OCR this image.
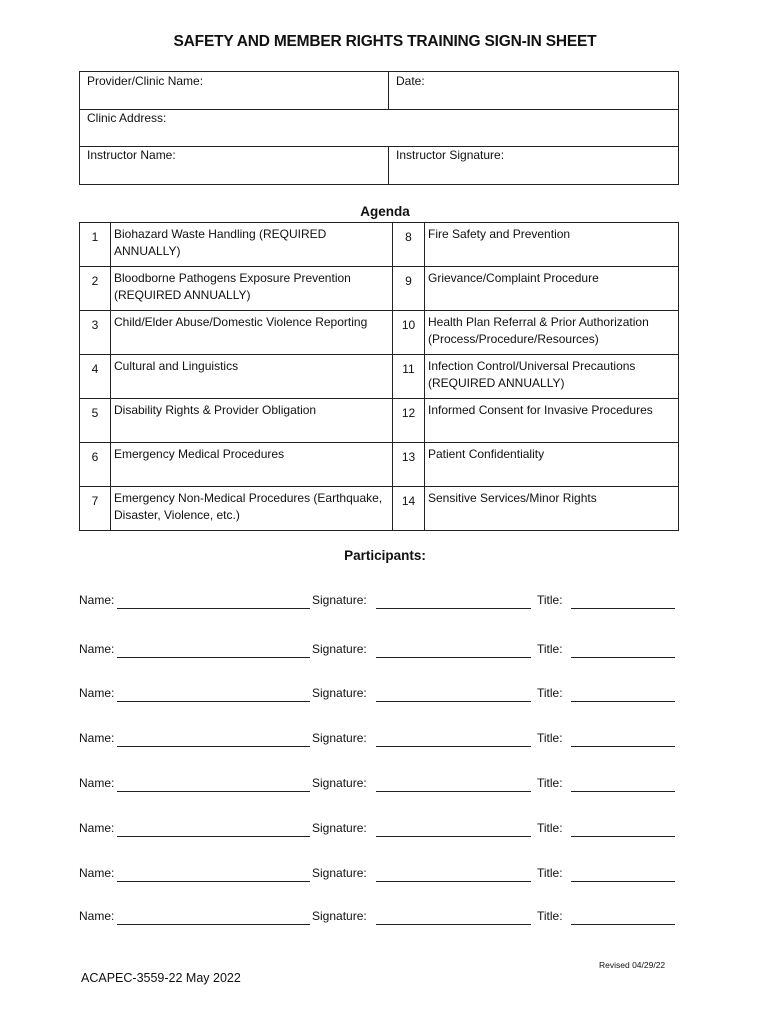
SAFETY AND MEMBER RIGHTS TRAINING SIGN-IN SHEET
Provider/Clinic Name:	Date:
Clinic Address:
Instructor Name:	Instructor Signature:
Agenda
1	Biohazard Waste Handling (REQUIRED ANNUALLY)	8	Fire Safety and Prevention
2	Bloodborne Pathogens Exposure Prevention (REQUIRED ANNUALLY)	9	Grievance/Complaint Procedure
3	Child/Elder Abuse/Domestic Violence Reporting	10	Health Plan Referral & Prior Authorization (Process/Procedure/Resources)
4	Cultural and Linguistics	11	Infection Control/Universal Precautions (REQUIRED ANNUALLY)
5	Disability Rights & Provider Obligation	12	Informed Consent for Invasive Procedures
6	Emergency Medical Procedures	13	Patient Confidentiality
7	Emergency Non-Medical Procedures (Earthquake, Disaster, Violence, etc.)	14	Sensitive Services/Minor Rights
Participants:
Name:	Signature:	Title:
Name:	Signature:	Title:
Name:	Signature:	Title:
Name:	Signature:	Title:
Name:	Signature:	Title:
Name:	Signature:	Title:
Name:	Signature:	Title:
Name:	Signature:	Title:
Revised 04/29/22
ACAPEC-3559-22 May 2022
